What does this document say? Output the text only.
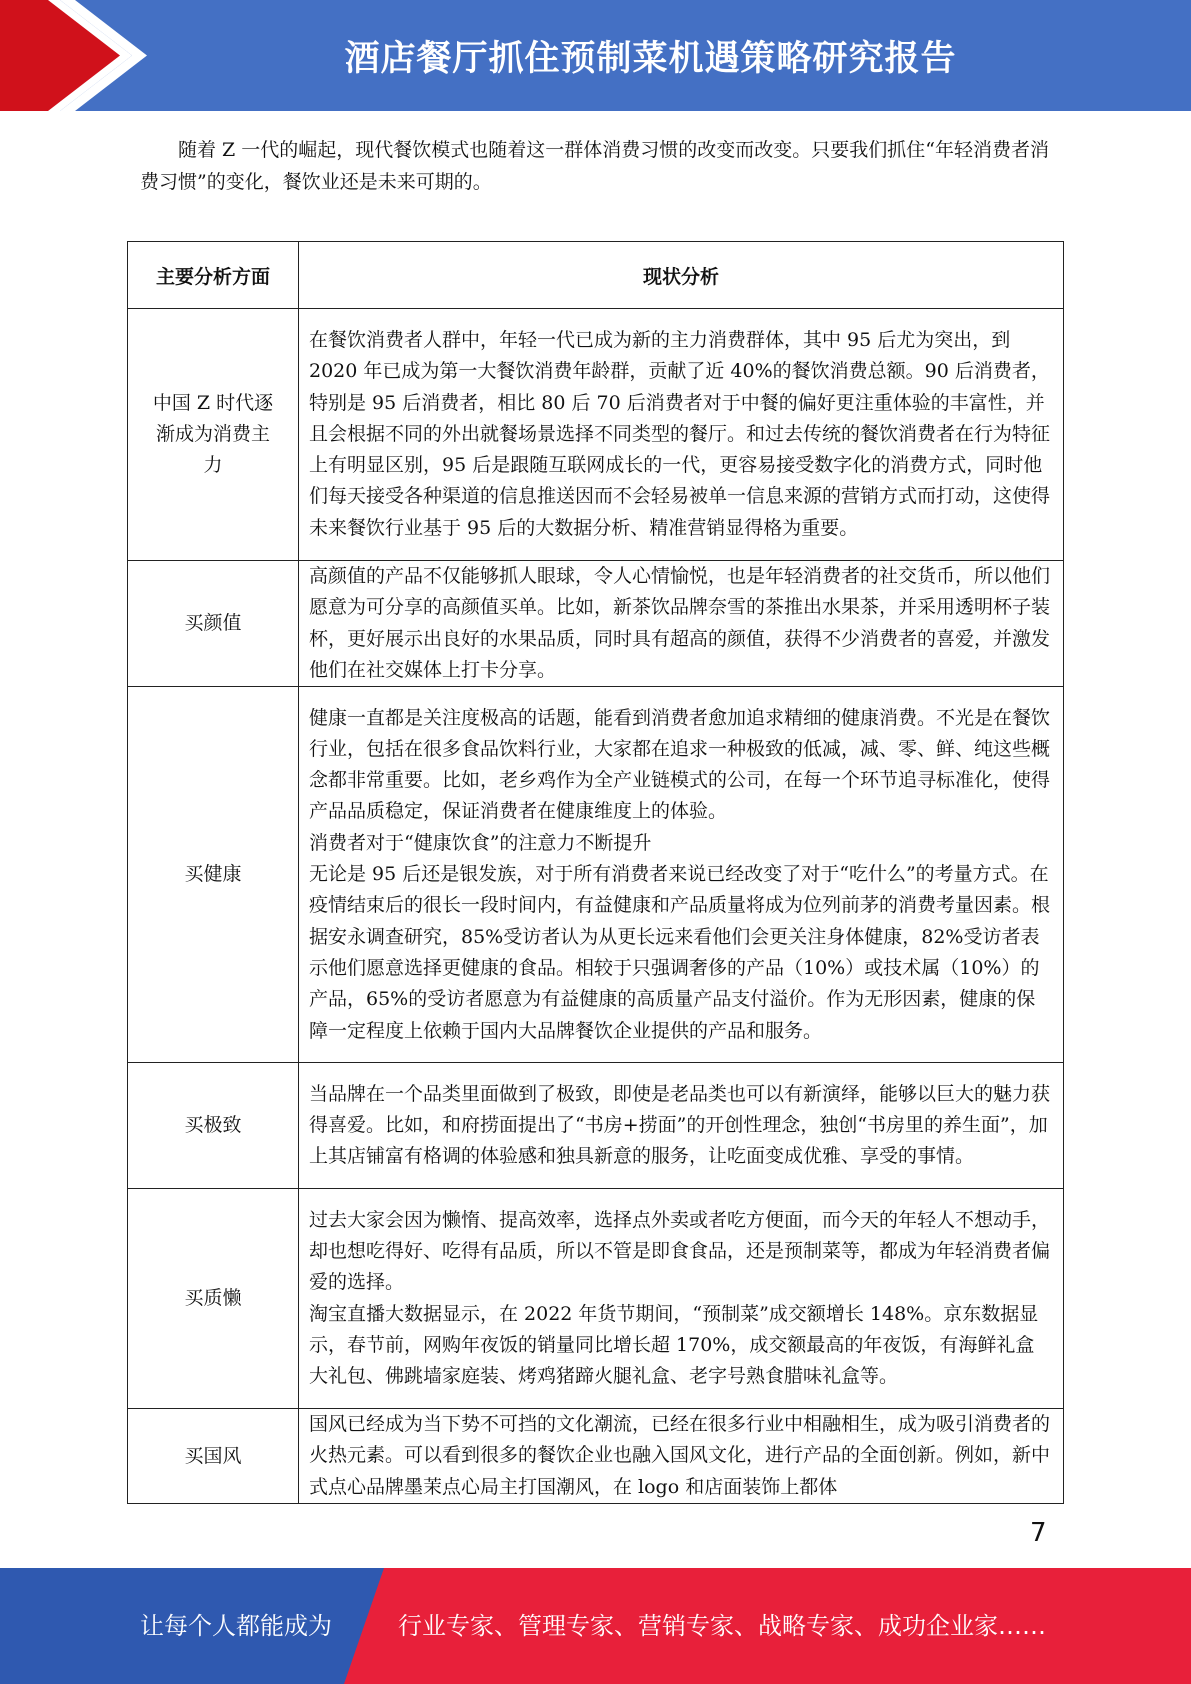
酒店餐厅抓住预制菜机遇策略研究报告

随着 Z 一代的崛起，现代餐饮模式也随着这一群体消费习惯的改变而改变。只要我们抓住“年轻消费者消费习惯”的变化，餐饮业还是未来可期的。

主要分析方面	现状分析

中国 Z 时代逐渐成为消费主力	在餐饮消费者人群中，年轻一代已成为新的主力消费群体，其中 95 后尤为突出，到 2020 年已成为第一大餐饮消费年龄群，贡献了近 40%的餐饮消费总额。90 后消费者，特别是 95 后消费者，相比 80 后 70 后消费者对于中餐的偏好更注重体验的丰富性，并且会根据不同的外出就餐场景选择不同类型的餐厅。和过去传统的餐饮消费者在行为特征上有明显区别，95 后是跟随互联网成长的一代，更容易接受数字化的消费方式，同时他们每天接受各种渠道的信息推送因而不会轻易被单一信息来源的营销方式而打动，这使得未来餐饮行业基于 95 后的大数据分析、精准营销显得格为重要。

买颜值	高颜值的产品不仅能够抓人眼球，令人心情愉悦，也是年轻消费者的社交货币，所以他们愿意为可分享的高颜值买单。比如，新茶饮品牌奈雪的茶推出水果茶，并采用透明杯子装杯，更好展示出良好的水果品质，同时具有超高的颜值，获得不少消费者的喜爱，并激发他们在社交媒体上打卡分享。

买健康	健康一直都是关注度极高的话题，能看到消费者愈加追求精细的健康消费。不光是在餐饮行业，包括在很多食品饮料行业，大家都在追求一种极致的低减，减、零、鲜、纯这些概念都非常重要。比如，老乡鸡作为全产业链模式的公司，在每一个环节追寻标准化，使得产品品质稳定，保证消费者在健康维度上的体验。

消费者对于“健康饮食”的注意力不断提升

无论是 95 后还是银发族，对于所有消费者来说已经改变了对于“吃什么”的考量方式。在疫情结束后的很长一段时间内，有益健康和产品质量将成为位列前茅的消费考量因素。根据安永调查研究，85%受访者认为从更长远来看他们会更关注身体健康，82%受访者表示他们愿意选择更健康的食品。相较于只强调奢侈的产品（10%）或技术属（10%）的产品，65%的受访者愿意为有益健康的高质量产品支付溢价。作为无形因素，健康的保障一定程度上依赖于国内大品牌餐饮企业提供的产品和服务。

买极致	当品牌在一个品类里面做到了极致，即使是老品类也可以有新演绎，能够以巨大的魅力获得喜爱。比如，和府捞面提出了“书房+捞面”的开创性理念，独创“书房里的养生面”，加上其店铺富有格调的体验感和独具新意的服务，让吃面变成优雅、享受的事情。

买质懒	过去大家会因为懒惰、提高效率，选择点外卖或者吃方便面，而今天的年轻人不想动手，却也想吃得好、吃得有品质，所以不管是即食食品，还是预制菜等，都成为年轻消费者偏爱的选择。

淘宝直播大数据显示，在 2022 年货节期间，“预制菜”成交额增长 148%。京东数据显示，春节前，网购年夜饭的销量同比增长超 170%，成交额最高的年夜饭，有海鲜礼盒大礼包、佛跳墙家庭装、烤鸡猪蹄火腿礼盒、老字号熟食腊味礼盒等。

买国风	国风已经成为当下势不可挡的文化潮流，已经在很多行业中相融相生，成为吸引消费者的火热元素。可以看到很多的餐饮企业也融入国风文化，进行产品的全面创新。例如，新中式点心品牌墨茉点心局主打国潮风，在 logo 和店面装饰上都体

7
让每个人都能成为	行业专家、管理专家、营销专家、战略专家、成功企业家……
